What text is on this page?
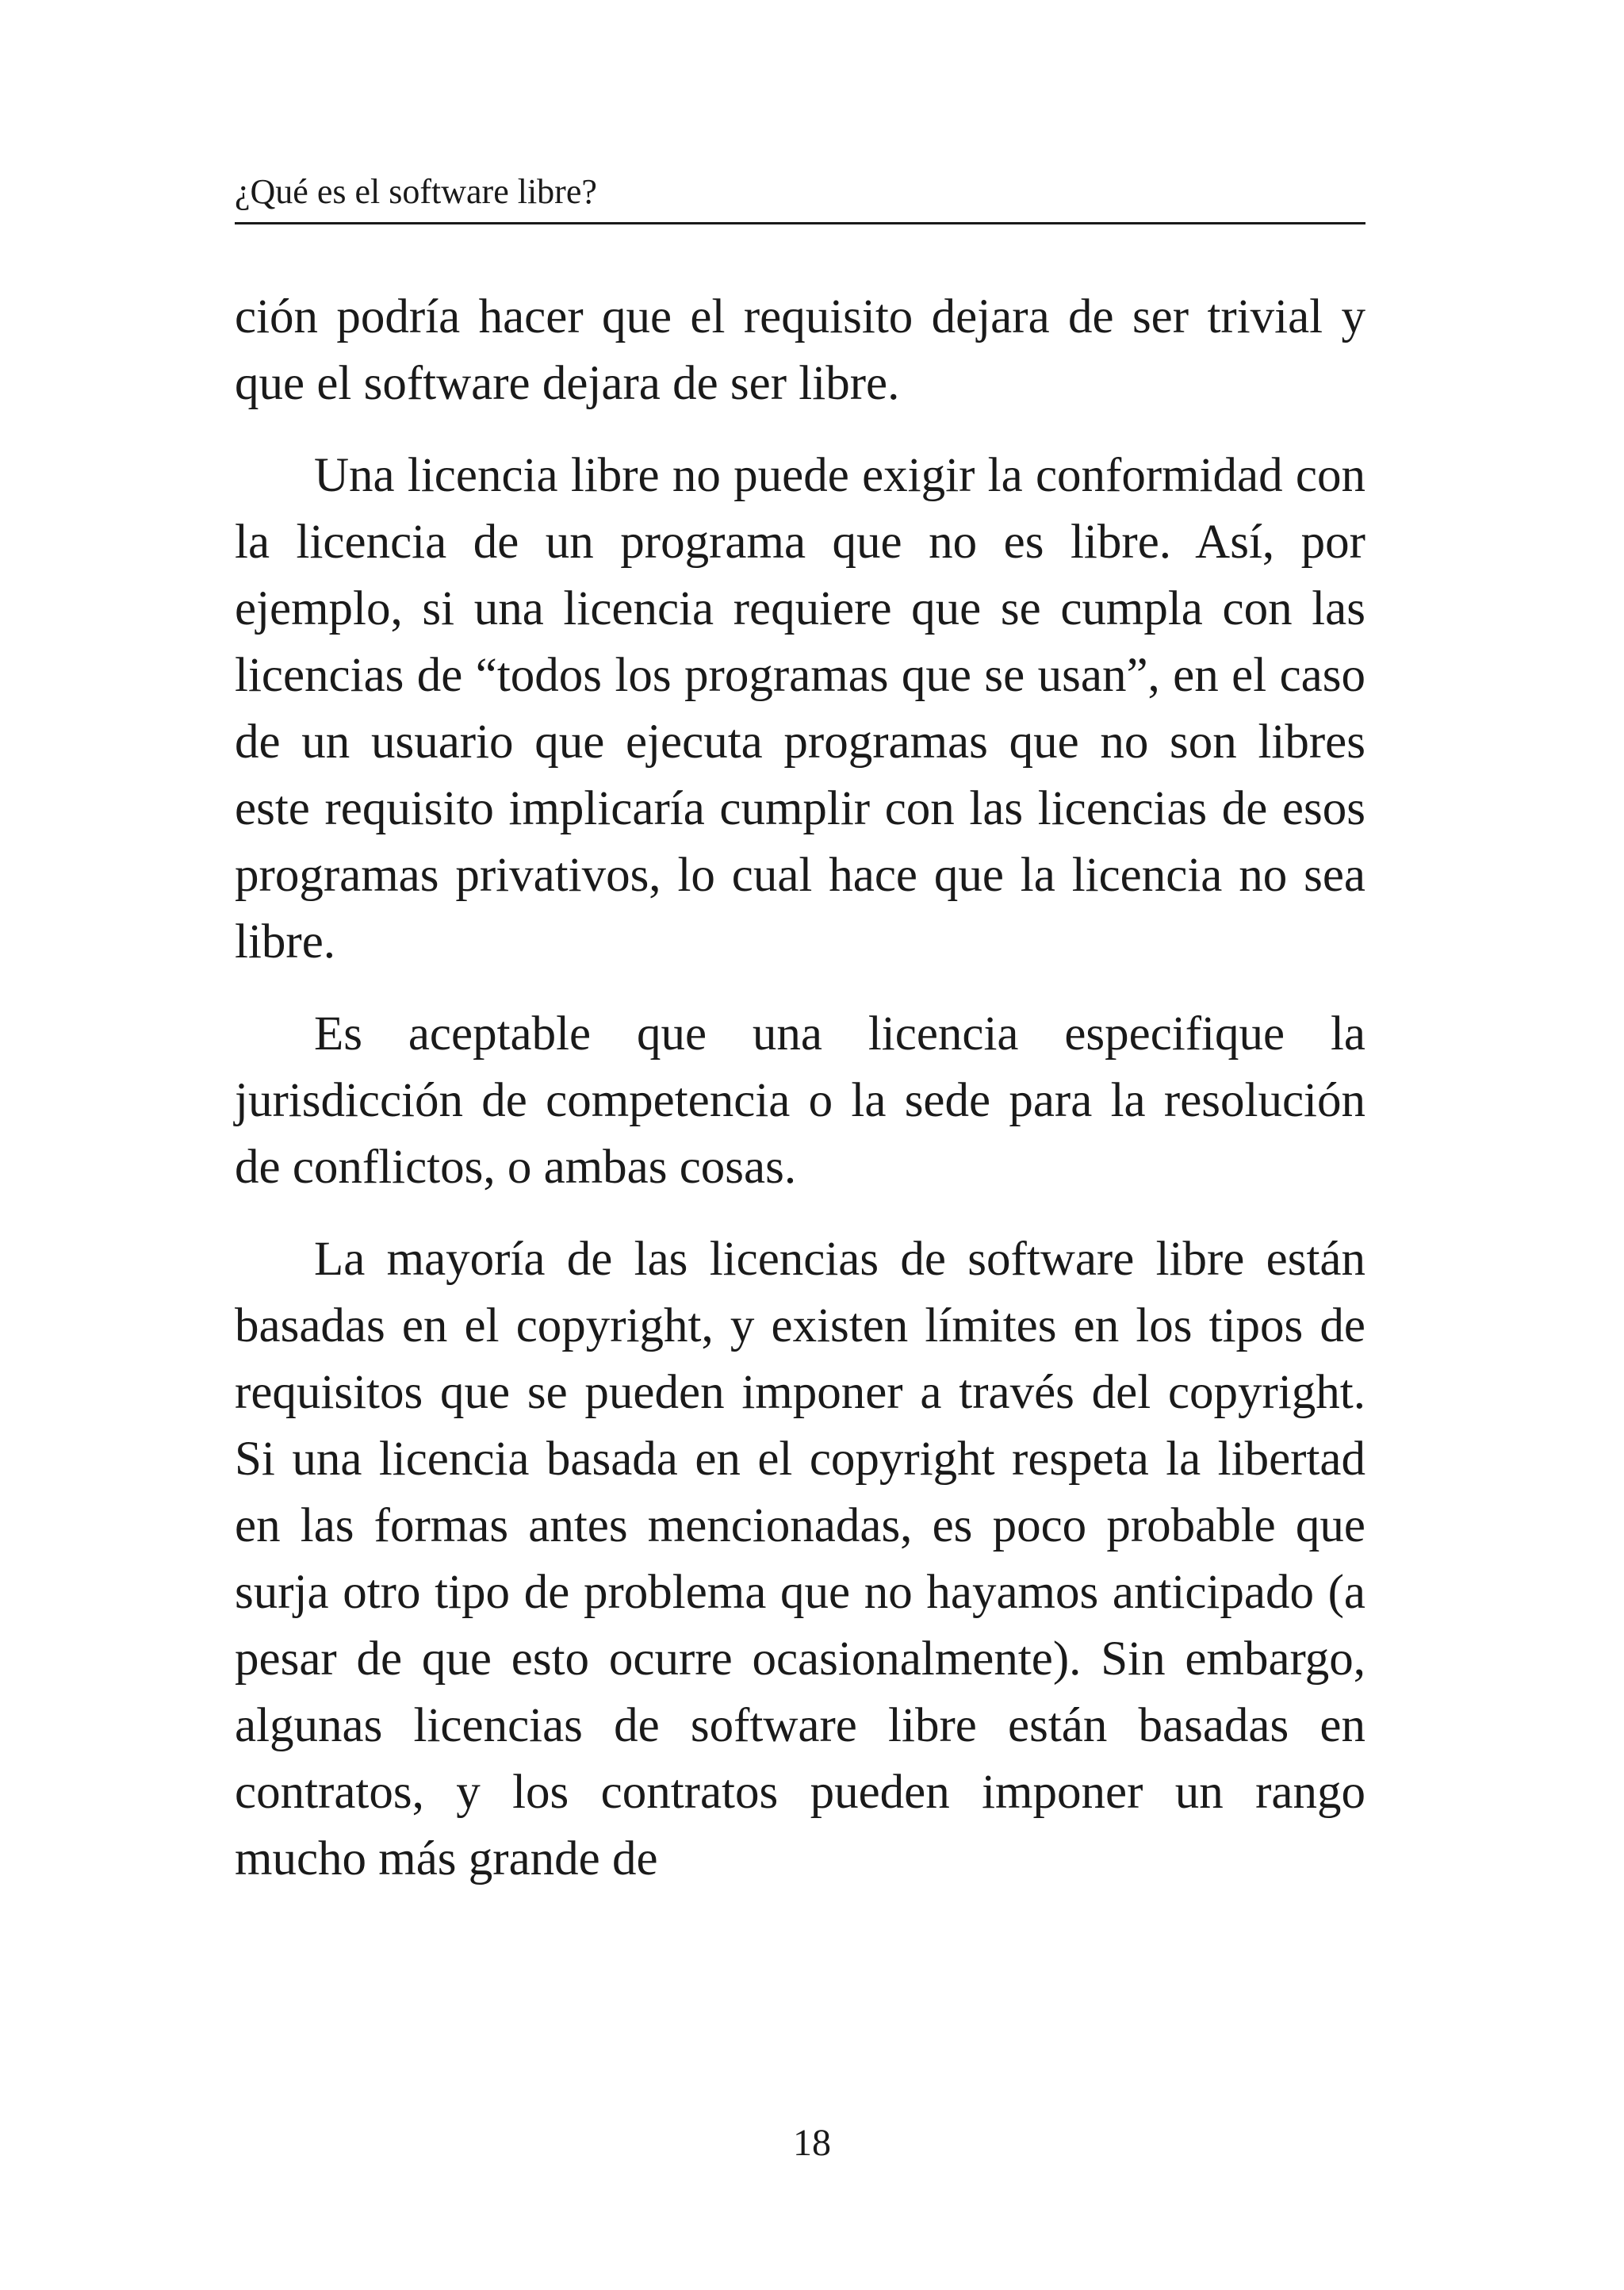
¿Qué es el software libre?

ción podría hacer que el requisito dejara de ser trivial y que el software dejara de ser libre.

Una licencia libre no puede exigir la conformidad con la licencia de un programa que no es libre. Así, por ejemplo, si una licencia requiere que se cumpla con las licencias de “todos los programas que se usan”, en el caso de un usuario que ejecuta programas que no son libres este requisito implicaría cumplir con las licencias de esos programas privativos, lo cual hace que la licencia no sea libre.

Es aceptable que una licencia especifique la jurisdicción de competencia o la sede para la resolución de conflictos, o ambas cosas.

La mayoría de las licencias de software libre están basadas en el copyright, y existen límites en los tipos de requisitos que se pueden imponer a través del copyright. Si una licencia basada en el copyright respeta la libertad en las formas antes mencionadas, es poco probable que surja otro tipo de problema que no hayamos anticipado (a pesar de que esto ocurre ocasionalmente). Sin embargo, algunas licencias de software libre están basadas en contratos, y los contratos pueden imponer un rango mucho más grande de

18
